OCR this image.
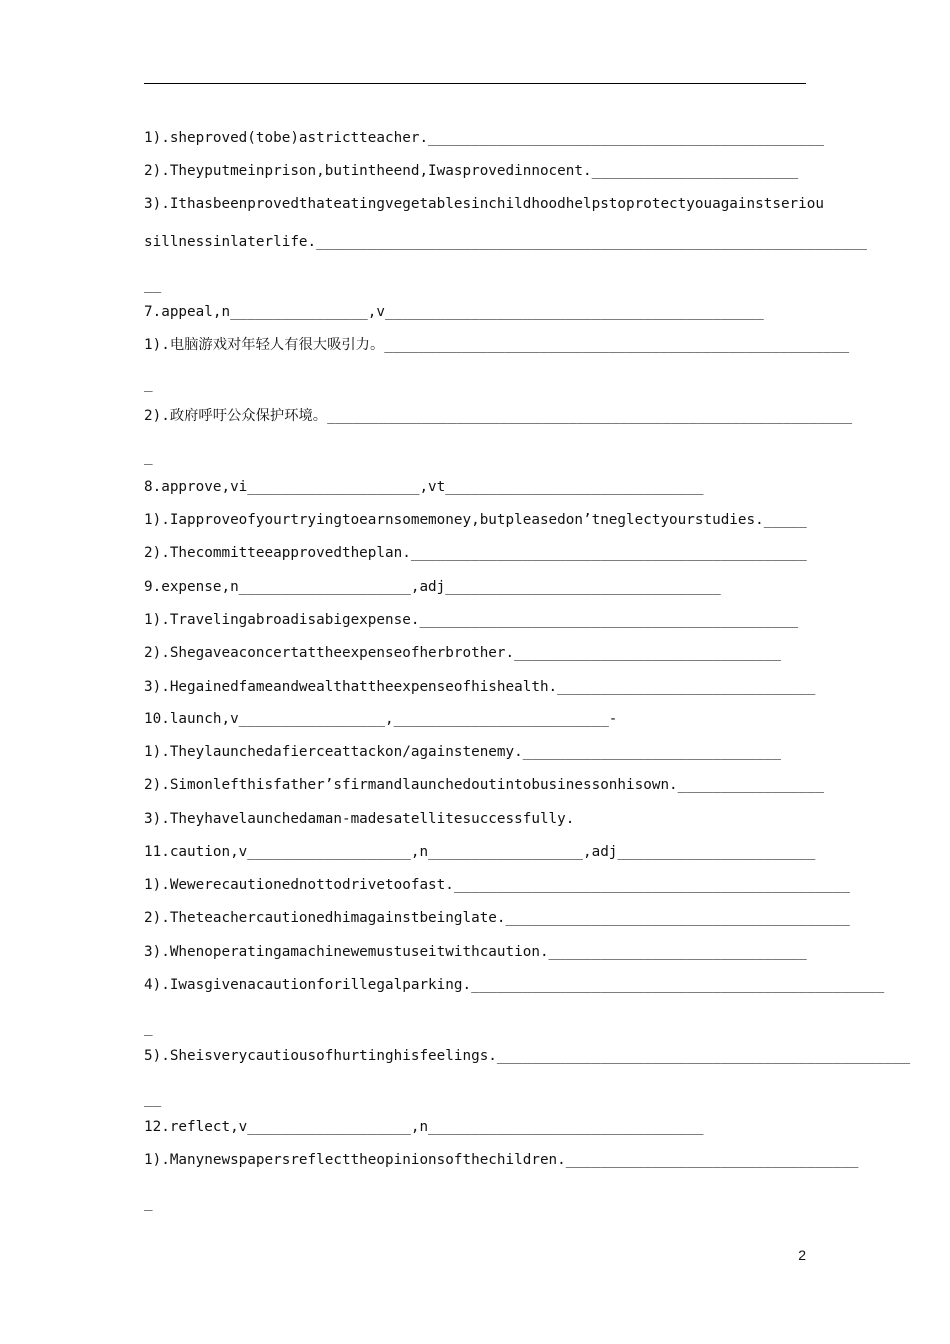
1).sheproved(tobe)astrictteacher.______________________________________________
2).Theyputmeinprison,butintheend,Iwasprovedinnocent.________________________
3).Ithasbeenprovedthateatingvegetablesinchildhoodhelpstoprotectyouagainstseriou
sillnessinlaterlife.________________________________________________________________
__
7.appeal,n________________,v____________________________________________
1).电脑游戏对年轻人有很大吸引力。______________________________________________________
_
2).政府呼吁公众保护环境。_____________________________________________________________
_
8.approve,vi____________________,vt______________________________
1).Iapproveofyourtryingtoearnsomemoney,butpleasedon’tneglectyourstudies._____
2).Thecommitteeapprovedtheplan.______________________________________________
9.expense,n____________________,adj________________________________
1).Travelingabroadisabigexpense.____________________________________________
2).Shegaveaconcertattheexpenseofherbrother._______________________________
3).Hegainedfameandwealthattheexpenseofhishealth.______________________________
10.launch,v_________________,_________________________-
1).Theylaunchedafierceattackon/againstenemy.______________________________
2).Simonlefthisfather’sfirmandlaunchedoutintobusinessonhisown._________________
3).Theyhavelaunchedaman-madesatellitesuccessfully.
11.caution,v___________________,n__________________,adj_______________________
1).Wewerecautionednottodrivetoofast.______________________________________________
2).Theteachercautionedhimagainstbeinglate.________________________________________
3).Whenoperatingamachinewemustuseitwithcaution.______________________________
4).Iwasgivenacautionforillegalparking.________________________________________________
_
5).Sheisverycautiousofhurtinghisfeelings.________________________________________________
__
12.reflect,v___________________,n________________________________
1).Manynewspapersreflecttheopinionsofthechildren.__________________________________
_
2
